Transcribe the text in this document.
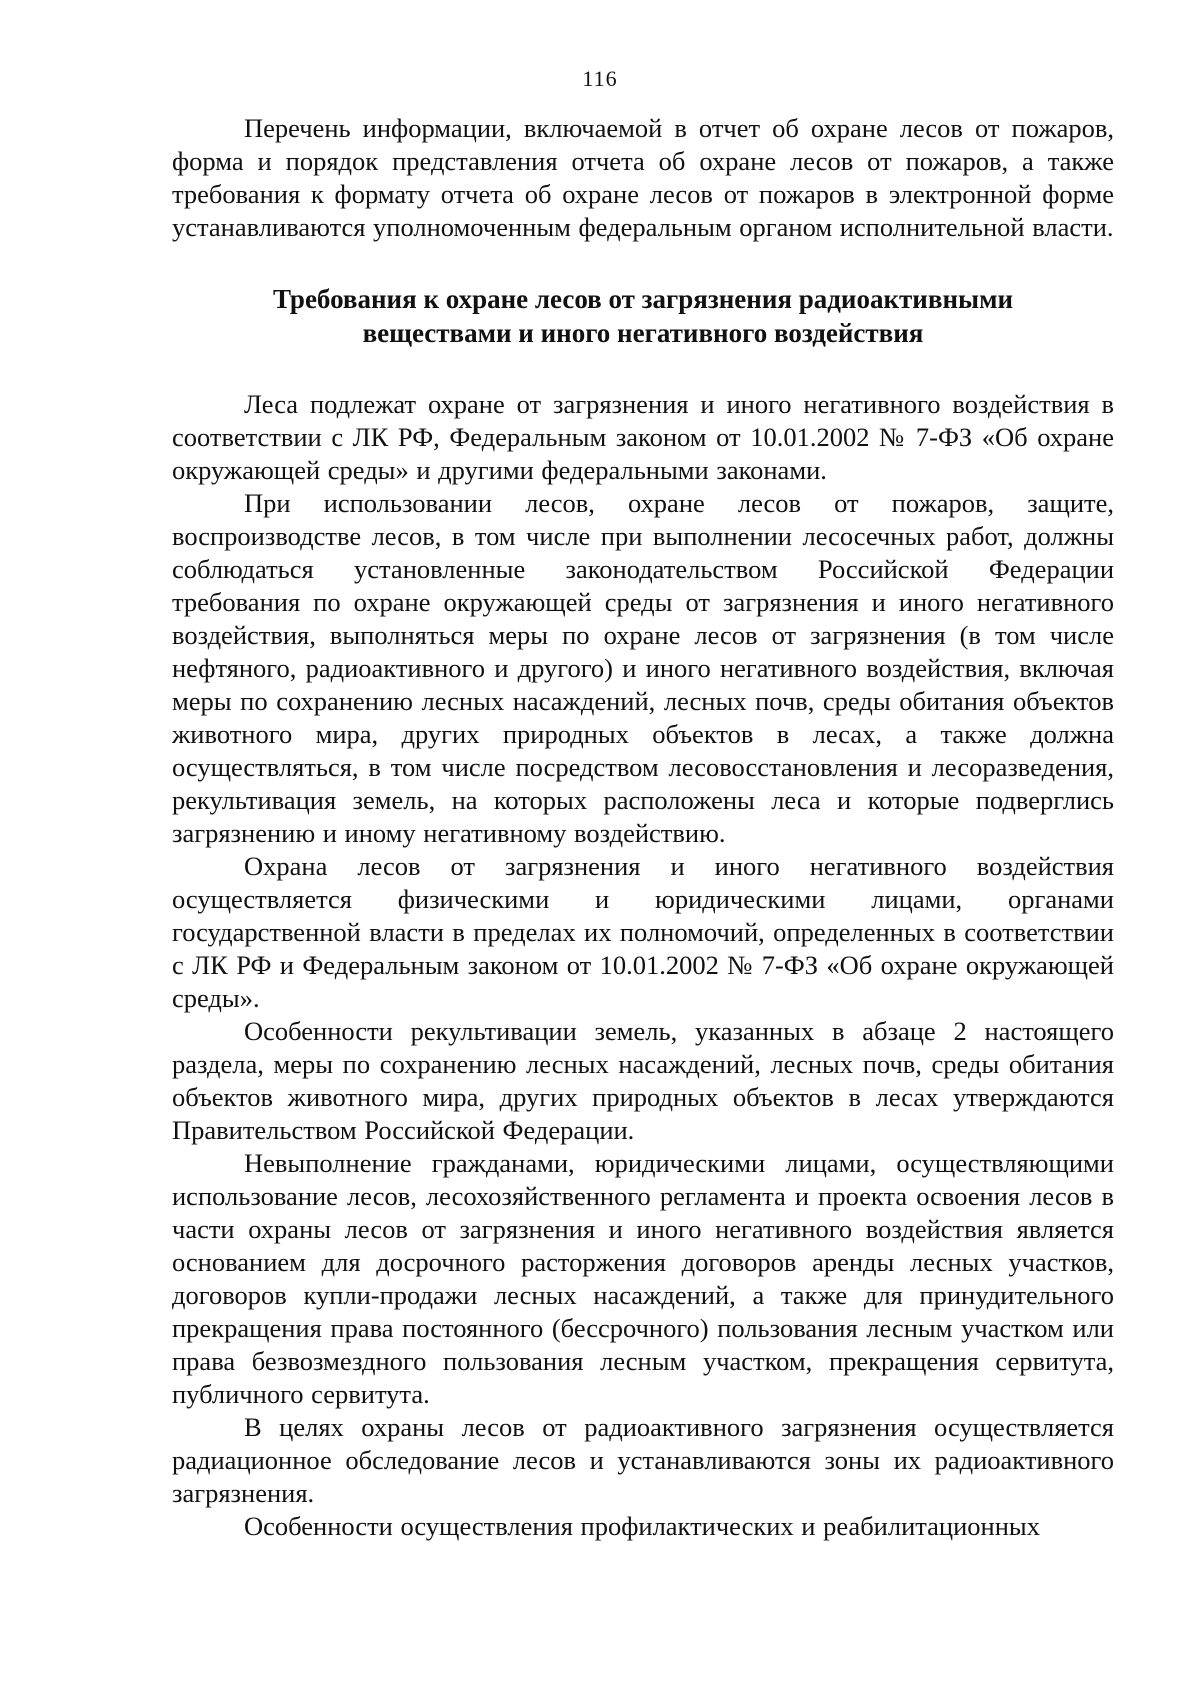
116

Перечень информации, включаемой в отчет об охране лесов от пожаров, форма и порядок представления отчета об охране лесов от пожаров, а также требования к формату отчета об охране лесов от пожаров в электронной форме устанавливаются уполномоченным федеральным органом исполнительной власти.

Требования к охране лесов от загрязнения радиоактивными
веществами и иного негативного воздействия

Леса подлежат охране от загрязнения и иного негативного воздействия в соответствии с ЛК РФ, Федеральным законом от 10.01.2002 № 7-ФЗ «Об охране окружающей среды» и другими федеральными законами.

При использовании лесов, охране лесов от пожаров, защите, воспроизводстве лесов, в том числе при выполнении лесосечных работ, должны соблюдаться установленные законодательством Российской Федерации требования по охране окружающей среды от загрязнения и иного негативного воздействия, выполняться меры по охране лесов от загрязнения (в том числе нефтяного, радиоактивного и другого) и иного негативного воздействия, включая меры по сохранению лесных насаждений, лесных почв, среды обитания объектов животного мира, других природных объектов в лесах, а также должна осуществляться, в том числе посредством лесовосстановления и лесоразведения, рекультивация земель, на которых расположены леса и которые подверглись загрязнению и иному негативному воздействию.

Охрана лесов от загрязнения и иного негативного воздействия осуществляется физическими и юридическими лицами, органами государственной власти в пределах их полномочий, определенных в соответствии с ЛК РФ и Федеральным законом от 10.01.2002 № 7-ФЗ «Об охране окружающей среды».

Особенности рекультивации земель, указанных в абзаце 2 настоящего раздела, меры по сохранению лесных насаждений, лесных почв, среды обитания объектов животного мира, других природных объектов в лесах утверждаются Правительством Российской Федерации.

Невыполнение гражданами, юридическими лицами, осуществляющими использование лесов, лесохозяйственного регламента и проекта освоения лесов в части охраны лесов от загрязнения и иного негативного воздействия является основанием для досрочного расторжения договоров аренды лесных участков, договоров купли-продажи лесных насаждений, а также для принудительного прекращения права постоянного (бессрочного) пользования лесным участком или права безвозмездного пользования лесным участком, прекращения сервитута, публичного сервитута.

В целях охраны лесов от радиоактивного загрязнения осуществляется радиационное обследование лесов и устанавливаются зоны их радиоактивного загрязнения.

Особенности осуществления профилактических и реабилитационных
